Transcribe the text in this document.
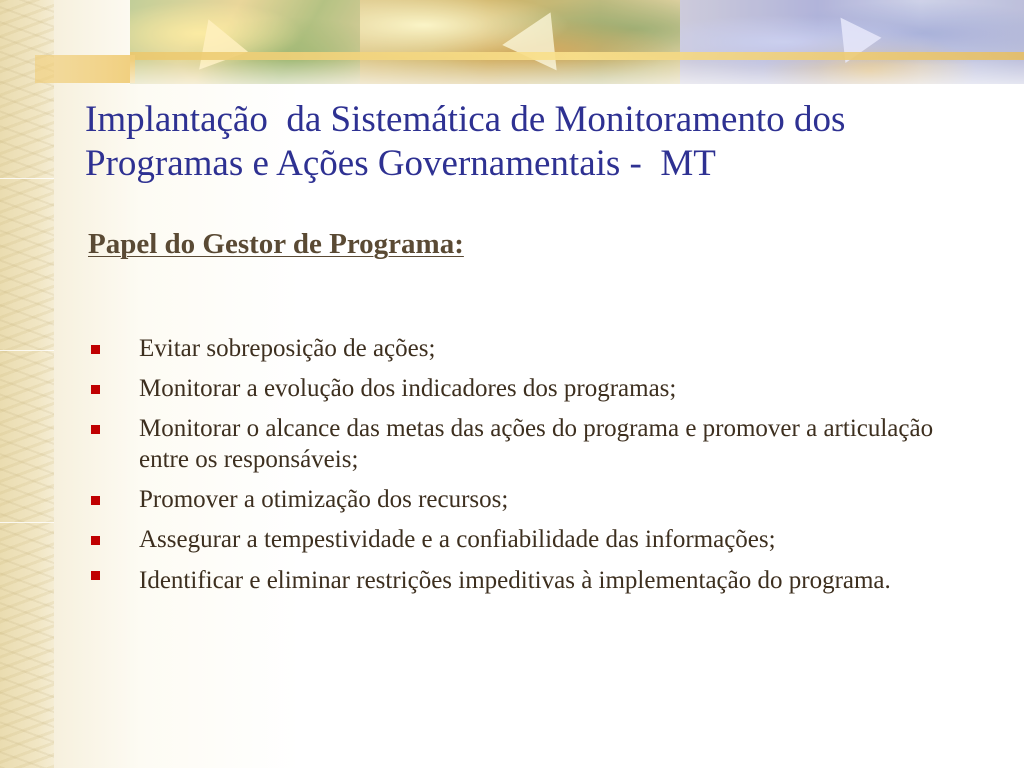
Implantação  da Sistemática de Monitoramento dos
Programas e Ações Governamentais -  MT
Papel do Gestor de Programa:
Evitar sobreposição de ações;
Monitorar a evolução dos indicadores dos programas;
Monitorar o alcance das metas das ações do programa e promover a articulação entre os responsáveis;
Promover a otimização dos recursos;
Assegurar a tempestividade e a confiabilidade das informações;
Identificar e eliminar restrições impeditivas à implementação do programa.
